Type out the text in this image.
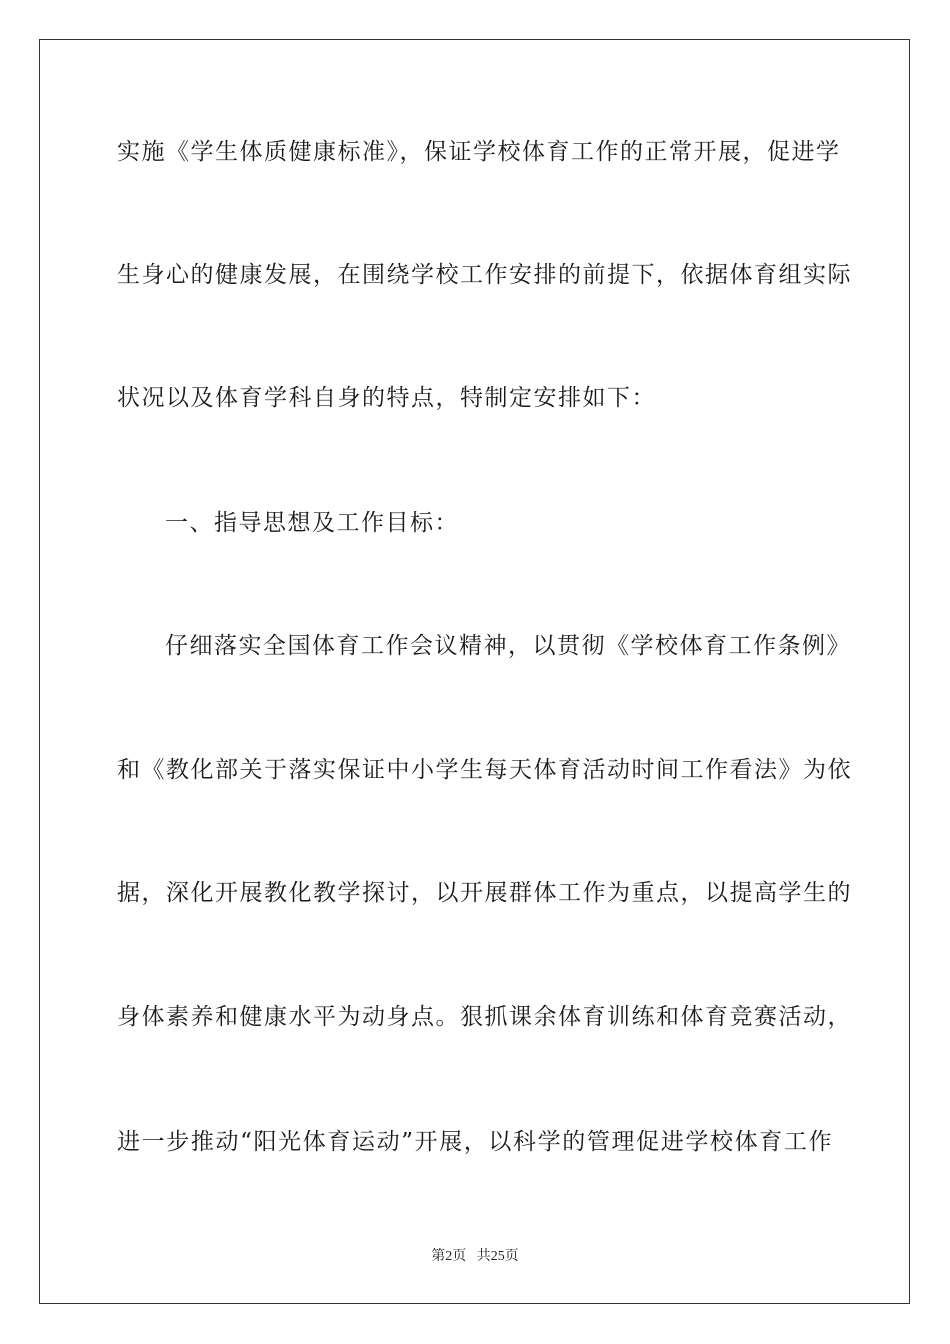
实施《学生体质健康标准》，保证学校体育工作的正常开展，促进学
生身心的健康发展，在围绕学校工作安排的前提下，依据体育组实际
状况以及体育学科自身的特点，特制定安排如下：
一、指导思想及工作目标：
仔细落实全国体育工作会议精神，以贯彻《学校体育工作条例》
和《教化部关于落实保证中小学生每天体育活动时间工作看法》为依
据，深化开展教化教学探讨，以开展群体工作为重点，以提高学生的
身体素养和健康水平为动身点。狠抓课余体育训练和体育竞赛活动，
进一步推动“阳光体育运动”开展，以科学的管理促进学校体育工作
第2页 共25页
